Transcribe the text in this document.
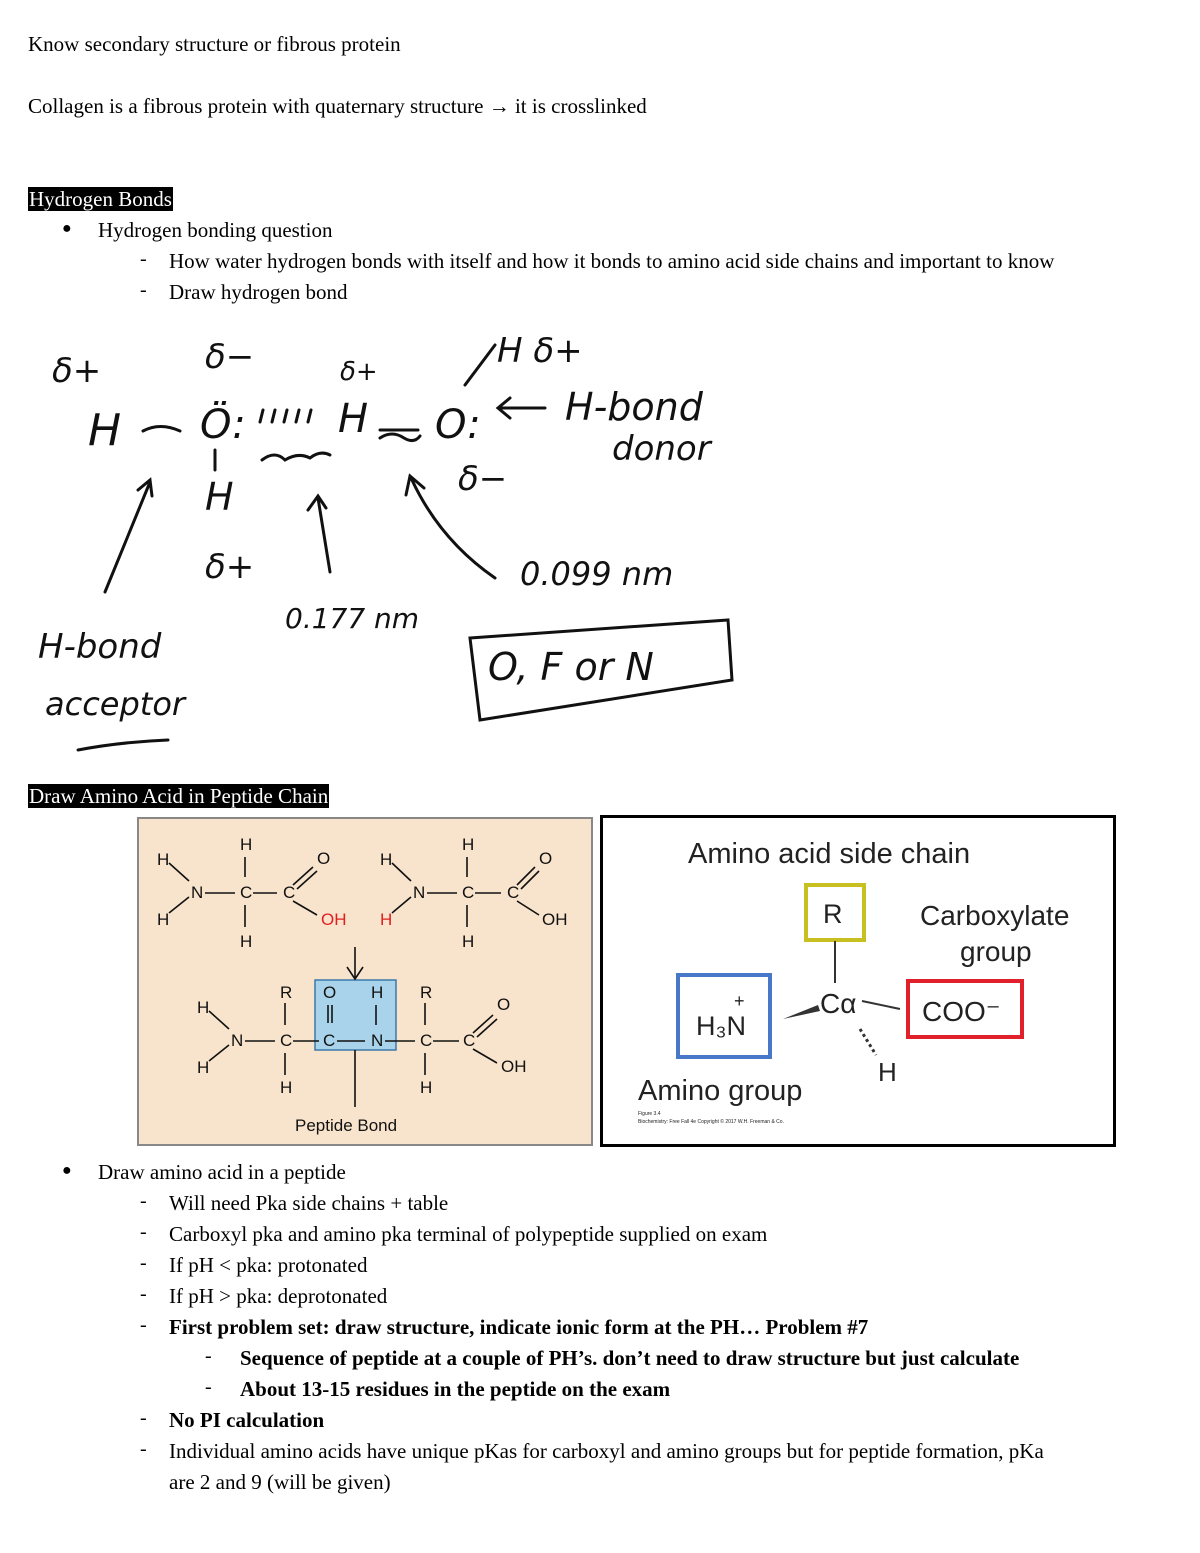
Know secondary structure or fibrous protein
Collagen is a fibrous protein with quaternary structure → it is crosslinked
Hydrogen Bonds
● Hydrogen bonding question
- How water hydrogen bonds with itself and how it bonds to amino acid side chains and important to know
- Draw hydrogen bond
δ+	δ−	δ+
H δ+
H Ö: H O: H-bond
donor
H	δ−
δ+	0.099 nm
0.177 nm
H-bond
acceptor
O, F or N
Draw Amino Acid in Peptide Chain
H
H
N C
H
H
C
O
OH
H
H
N C
H
H
C
O
OH
H
H
N
R
C
H
O
C
H
N
R
C
H
C
O
OH
Peptide Bond
Amino acid side chain
R	Carboxylate
group
H₃N
+	Cα COO⁻
H
Amino group
Figure 3.4
Biochemistry: Free Fall 4e Copyright © 2017 W.H. Freeman & Co.
● Draw amino acid in a peptide
- Will need Pka side chains + table
- Carboxyl pka and amino pka terminal of polypeptide supplied on exam
- If pH < pka: protonated
- If pH > pka: deprotonated
- First problem set: draw structure, indicate ionic form at the PH… Problem #7
- Sequence of peptide at a couple of PH’s. don’t need to draw structure but just calculate
- About 13-15 residues in the peptide on the exam
- No PI calculation
- Individual amino acids have unique pKas for carboxyl and amino groups but for peptide formation, pKa
are 2 and 9 (will be given)
